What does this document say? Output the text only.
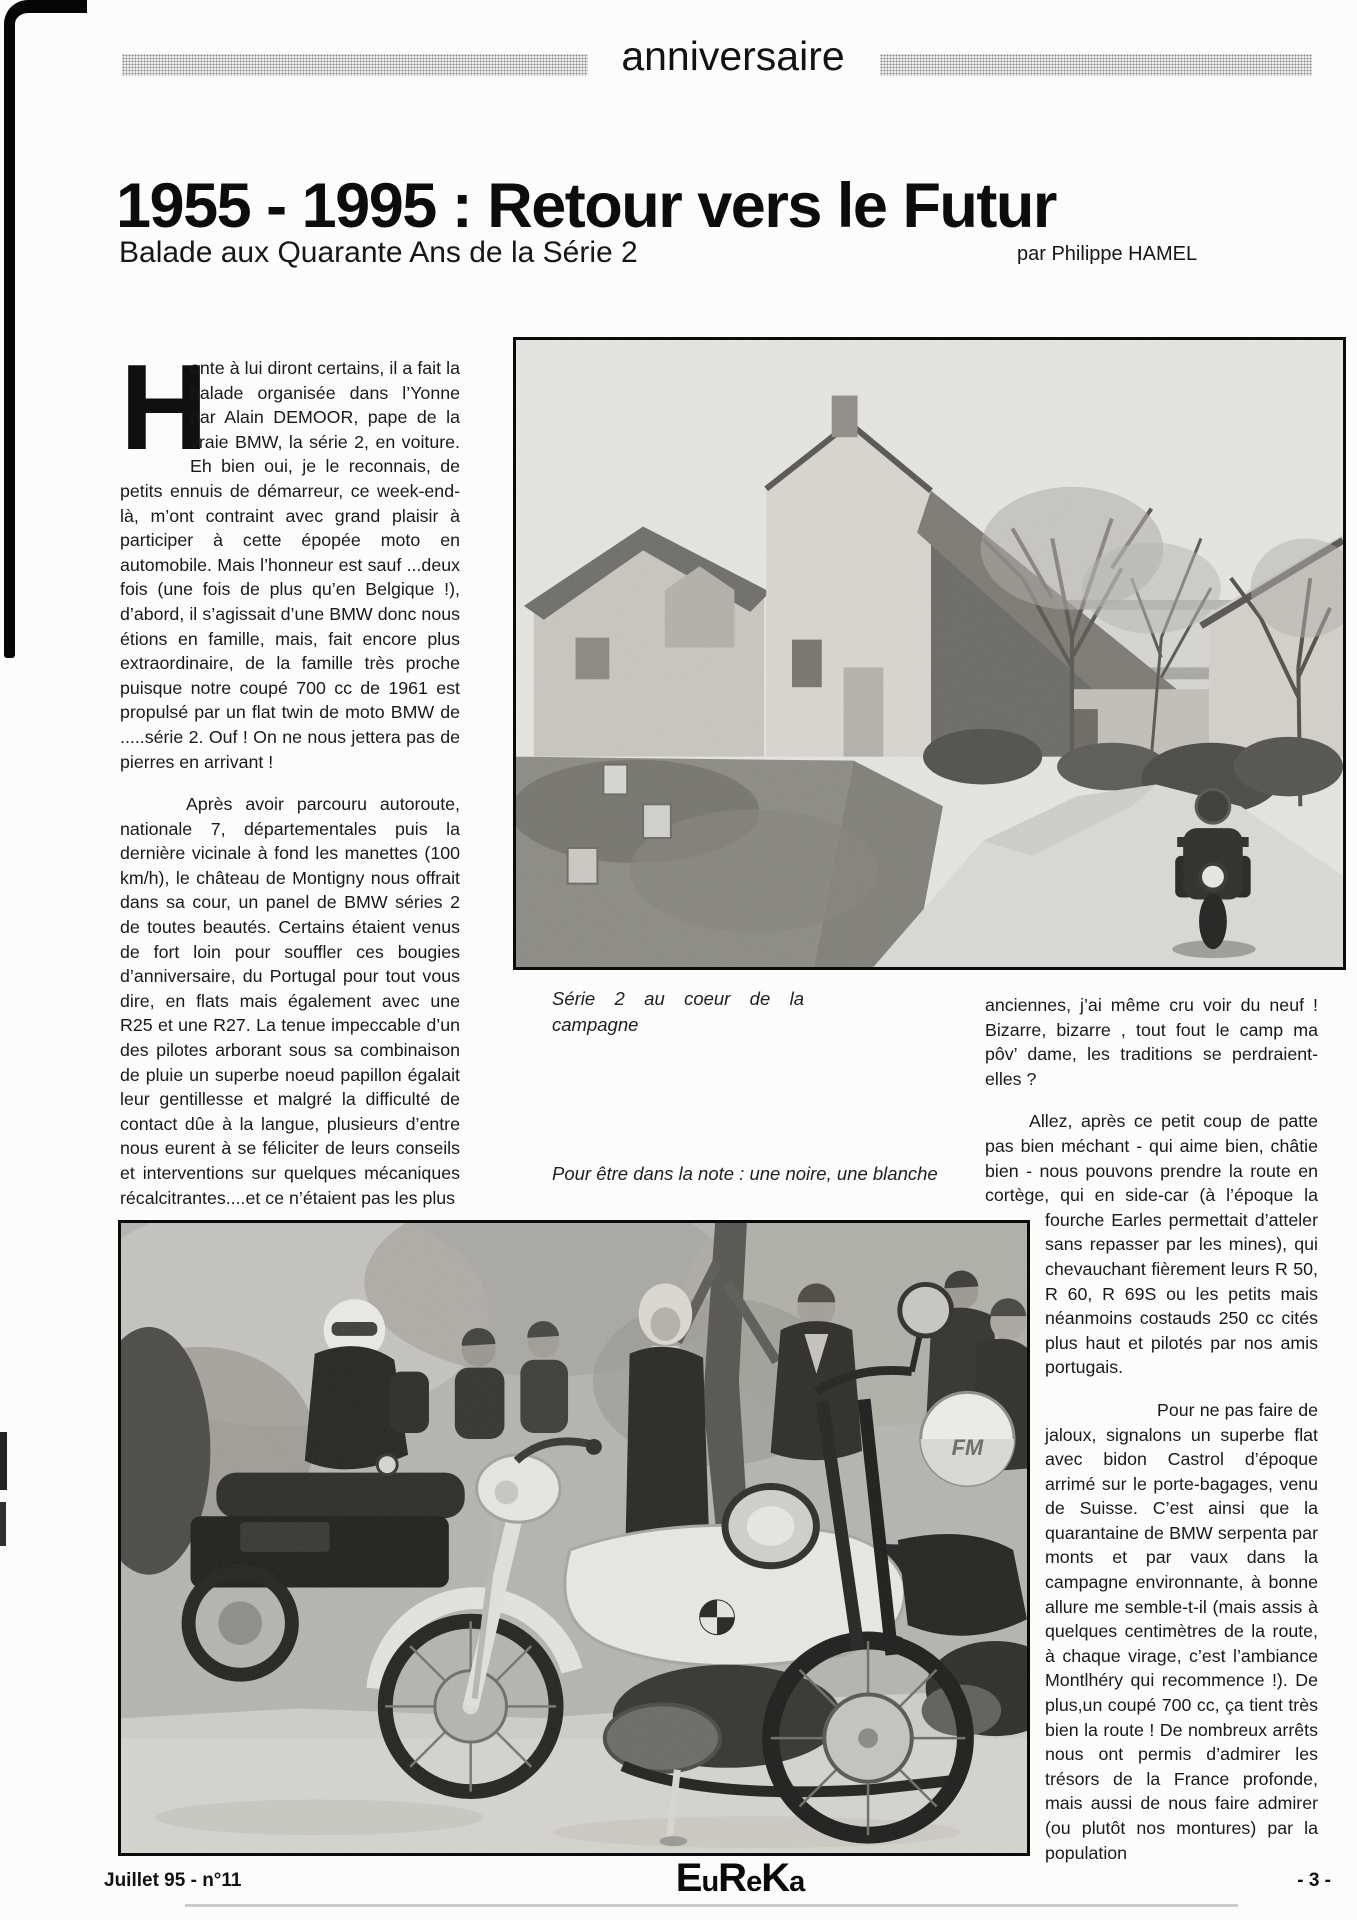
anniversaire
1955 - 1995 : Retour vers le Futur
Balade aux Quarante Ans de la Série 2	par Philippe HAMEL

H
onte à lui diront certains, il a fait la balade organisée dans l’Yonne par Alain DEMOOR, pape de la vraie BMW, la série 2, en voiture. Eh bien oui, je le reconnais, de petits ennuis de démarreur, ce week-end-là, m’ont contraint avec grand plaisir à participer à cette épopée moto en automobile. Mais l’honneur est sauf ...deux fois (une fois de plus qu’en Belgique !), d’abord, il s’agissait d’une BMW donc nous étions en famille, mais, fait encore plus extraordinaire, de la famille très proche puisque notre coupé 700 cc de 1961 est propulsé par un flat twin de moto BMW de .....série 2. Ouf ! On ne nous jettera pas de pierres en arrivant !

Après avoir parcouru autoroute, nationale 7, départementales puis la dernière vicinale à fond les manettes (100 km/h), le château de Montigny nous offrait dans sa cour, un panel de BMW séries 2 de toutes beautés. Certains étaient venus de fort loin pour souffler ces bougies d’anniversaire, du Portugal pour tout vous dire, en flats mais également avec une R25 et une R27. La tenue impeccable d’un des pilotes arborant sous sa combinaison de pluie un superbe noeud papillon égalait leur gentillesse et malgré la difficulté de contact dûe à la langue, plusieurs d’entre nous eurent à se féliciter de leurs conseils et interventions sur quelques mécaniques récalcitrantes....et ce n’étaient pas les plus

Série 2 au coeur de la campagne
Pour être dans la note : une noire, une blanche

anciennes, j’ai même cru voir du neuf ! Bizarre, bizarre , tout fout le camp ma pôv’ dame, les traditions se perdraient-elles ?

Allez, après ce petit coup de patte pas bien méchant - qui aime bien, châtie bien - nous pouvons prendre la route en cortège, qui en side-car (à l’époque la fourche Earles permettait d’atteler sans repasser par les mines), qui chevauchant fièrement leurs R 50, R 60, R 69S ou les petits mais néanmoins costauds 250 cc cités plus haut et pilotés par nos amis portugais.

Pour ne pas faire de jaloux, signalons un superbe flat avec bidon Castrol d’époque arrimé sur le porte-bagages, venu de Suisse. C’est ainsi que la quarantaine de BMW serpenta par monts et par vaux dans la campagne environnante, à bonne allure me semble-t-il (mais assis à quelques centimètres de la route, à chaque virage, c’est l’ambiance Montlhéry qui recommence !). De plus,un coupé 700 cc, ça tient très bien la route ! De nombreux arrêts nous ont permis d’admirer les trésors de la France profonde, mais aussi de nous faire admirer (ou plutôt nos montures) par la population

FM
Juillet 95 - n°11	EuReKa	- 3 -
